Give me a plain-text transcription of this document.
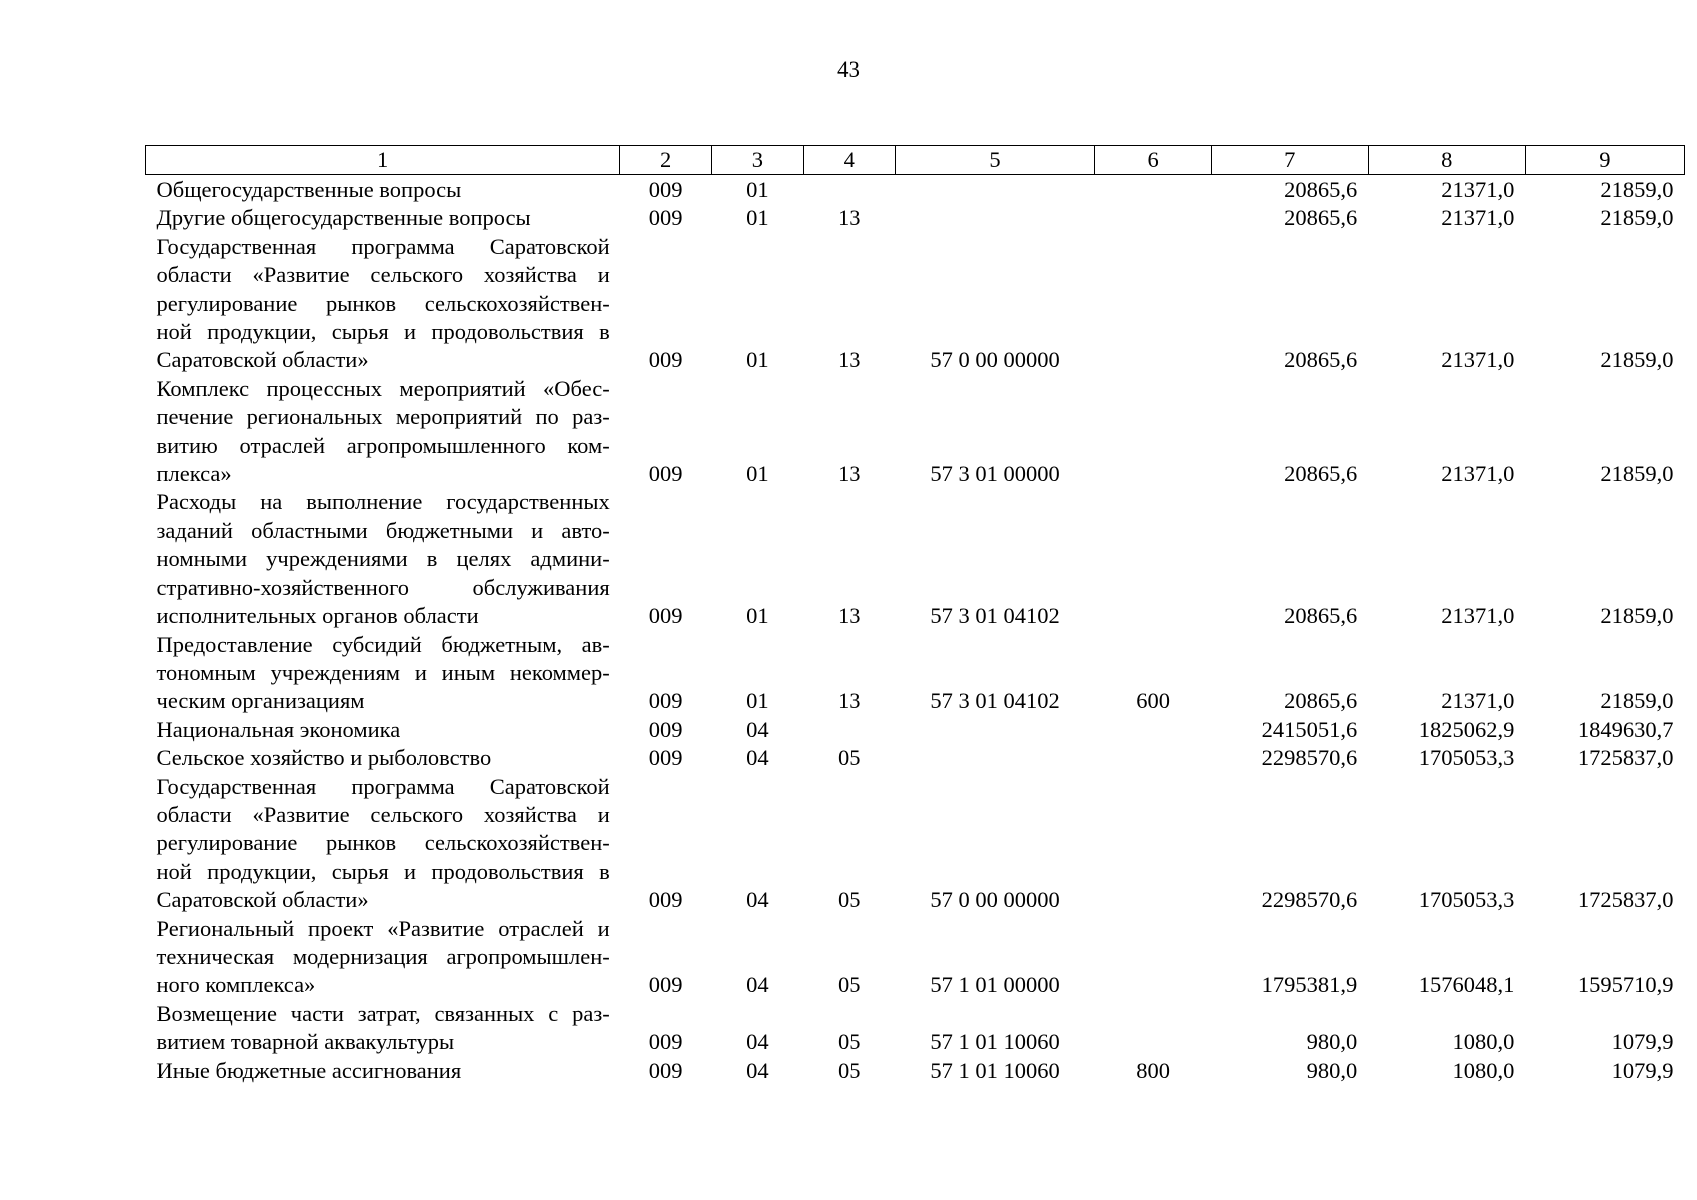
43
1	2	3	4	5	6	7	8	9

Общегосударственные вопросы	009	01				20865,6	21371,0	21859,0

Другие общегосударственные вопросы	009	01	13			20865,6	21371,0	21859,0

Государственная программа Саратовской
области «Развитие сельского хозяйства и
регулирование рынков сельскохозяйствен-
ной продукции, сырья и продовольствия в
Саратовской области»	009	01	13	57 0 00 00000		20865,6	21371,0	21859,0

Комплекс процессных мероприятий «Обес-
печение региональных мероприятий по раз-
витию отраслей агропромышленного ком-
плекса»	009	01	13	57 3 01 00000		20865,6	21371,0	21859,0

Расходы на выполнение государственных
заданий областными бюджетными и авто-
номными учреждениями в целях админи-
стративно-хозяйственного обслуживания
исполнительных органов области	009	01	13	57 3 01 04102		20865,6	21371,0	21859,0

Предоставление субсидий бюджетным, ав-
тономным учреждениям и иным некоммер-
ческим организациям	009	01	13	57 3 01 04102	600	20865,6	21371,0	21859,0

Национальная экономика	009	04				2415051,6	1825062,9	1849630,7

Сельское хозяйство и рыболовство	009	04	05			2298570,6	1705053,3	1725837,0

Государственная программа Саратовской
области «Развитие сельского хозяйства и
регулирование рынков сельскохозяйствен-
ной продукции, сырья и продовольствия в
Саратовской области»	009	04	05	57 0 00 00000		2298570,6	1705053,3	1725837,0

Региональный проект «Развитие отраслей и
техническая модернизация агропромышлен-
ного комплекса»	009	04	05	57 1 01 00000		1795381,9	1576048,1	1595710,9

Возмещение части затрат, связанных с раз-
витием товарной аквакультуры	009	04	05	57 1 01 10060		980,0	1080,0	1079,9

Иные бюджетные ассигнования	009	04	05	57 1 01 10060	800	980,0	1080,0	1079,9
